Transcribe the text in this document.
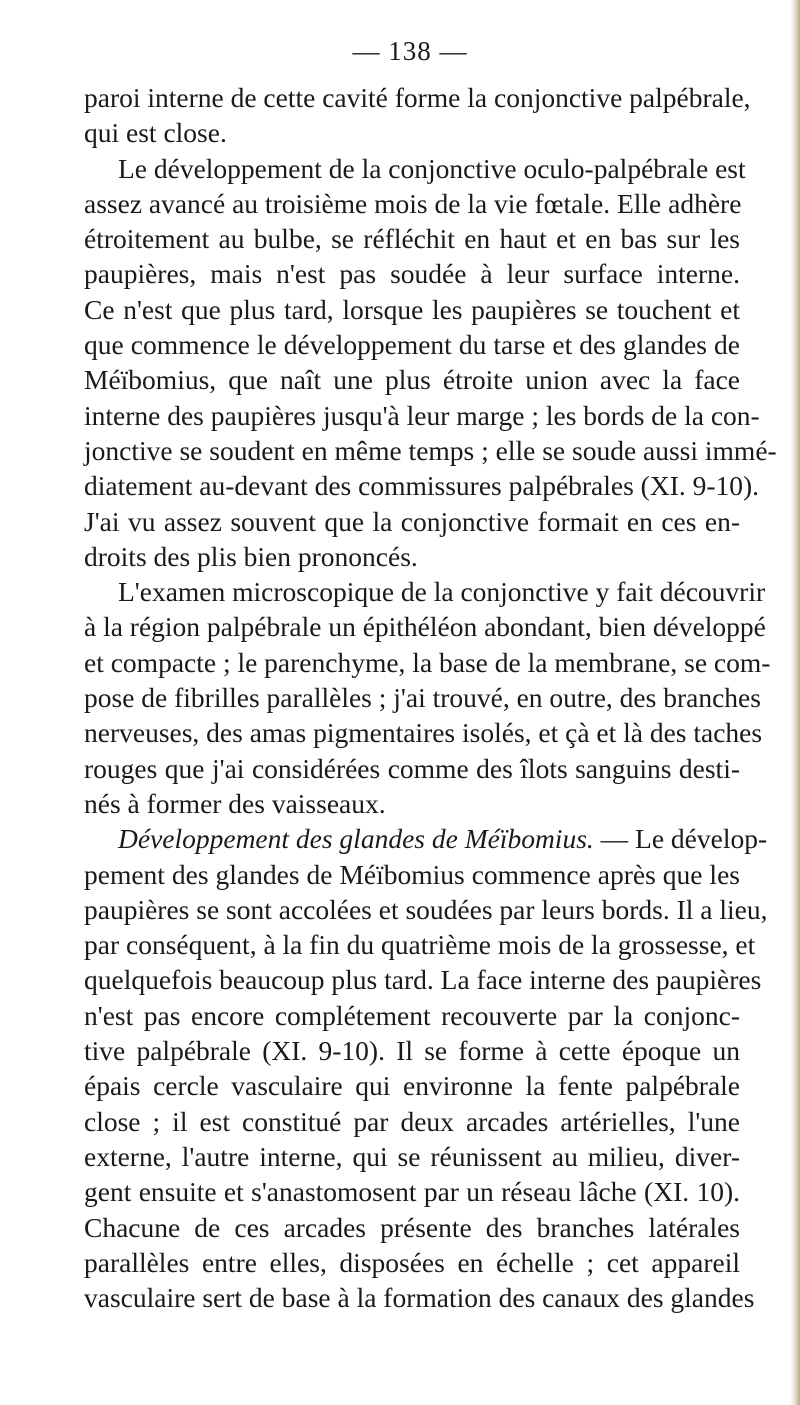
— 138 —
paroi interne de cette cavité forme la conjonctive palpébrale,
qui est close.
Le développement de la conjonctive oculo-palpébrale est
assez avancé au troisième mois de la vie fœtale. Elle adhère
étroitement au bulbe, se réfléchit en haut et en bas sur les
paupières, mais n'est pas soudée à leur surface interne.
Ce n'est que plus tard, lorsque les paupières se touchent et
que commence le développement du tarse et des glandes de
Méïbomius, que naît une plus étroite union avec la face
interne des paupières jusqu'à leur marge ; les bords de la con-
jonctive se soudent en même temps ; elle se soude aussi immé-
diatement au-devant des commissures palpébrales (XI. 9-10).
J'ai vu assez souvent que la conjonctive formait en ces en-
droits des plis bien prononcés.
L'examen microscopique de la conjonctive y fait découvrir
à la région palpébrale un épithéléon abondant, bien développé
et compacte ; le parenchyme, la base de la membrane, se com-
pose de fibrilles parallèles ; j'ai trouvé, en outre, des branches
nerveuses, des amas pigmentaires isolés, et çà et là des taches
rouges que j'ai considérées comme des îlots sanguins desti-
nés à former des vaisseaux.
Développement des glandes de Méïbomius. — Le dévelop-
pement des glandes de Méïbomius commence après que les
paupières se sont accolées et soudées par leurs bords. Il a lieu,
par conséquent, à la fin du quatrième mois de la grossesse, et
quelquefois beaucoup plus tard. La face interne des paupières
n'est pas encore complétement recouverte par la conjonc-
tive palpébrale (XI. 9-10). Il se forme à cette époque un
épais cercle vasculaire qui environne la fente palpébrale
close ; il est constitué par deux arcades artérielles, l'une
externe, l'autre interne, qui se réunissent au milieu, diver-
gent ensuite et s'anastomosent par un réseau lâche (XI. 10).
Chacune de ces arcades présente des branches latérales
parallèles entre elles, disposées en échelle ; cet appareil
vasculaire sert de base à la formation des canaux des glandes
